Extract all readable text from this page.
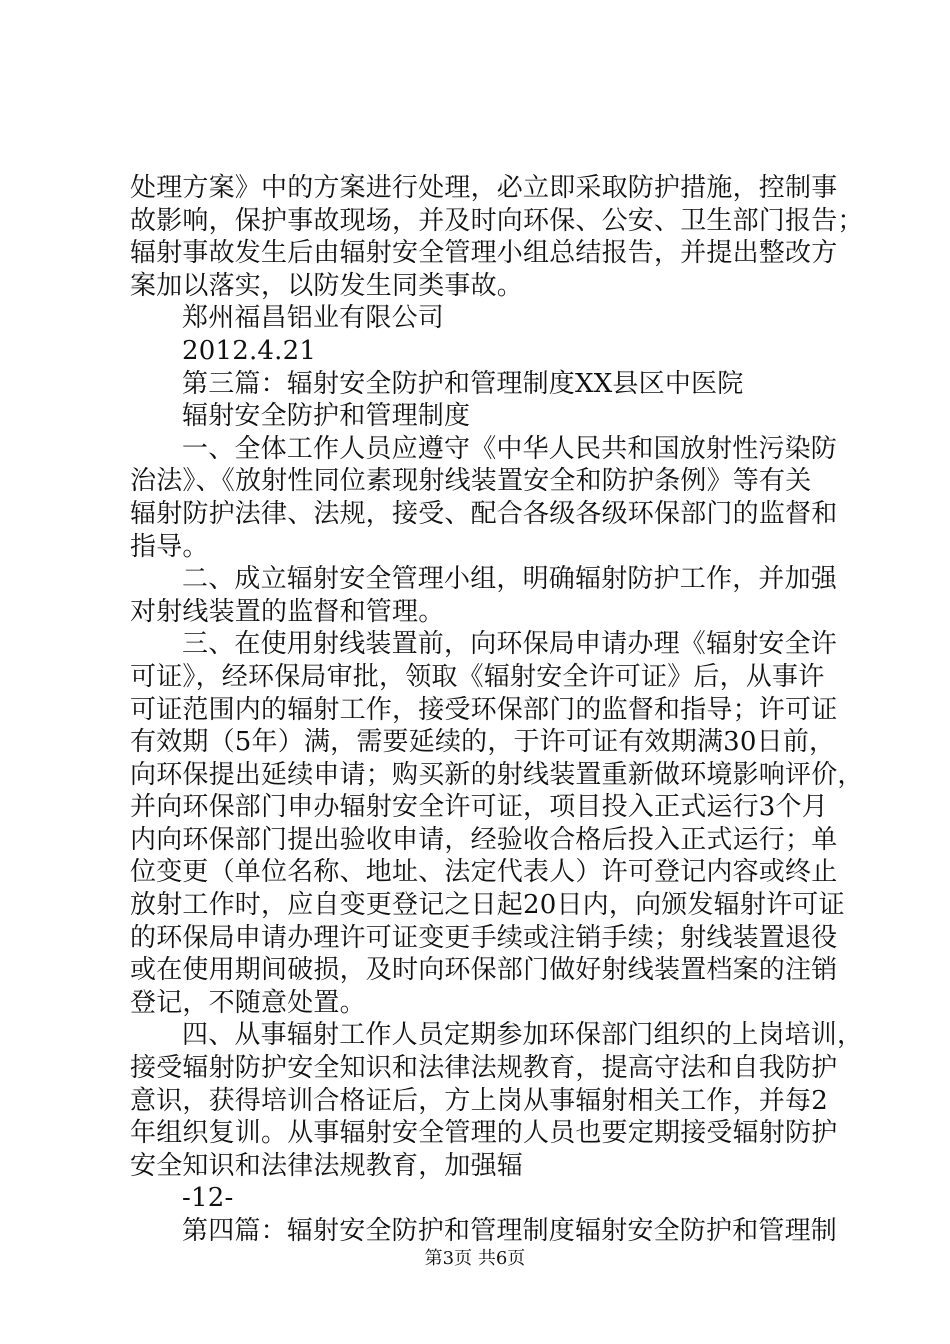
处理方案》中的方案进行处理，必立即采取防护措施，控制事
故影响，保护事故现场，并及时向环保、公安、卫生部门报告；
辐射事故发生后由辐射安全管理小组总结报告，并提出整改方
案加以落实，以防发生同类事故。
郑州福昌铝业有限公司
2012.4.21
第三篇：辐射安全防护和管理制度XX县区中医院
辐射安全防护和管理制度
一、全体工作人员应遵守《中华人民共和国放射性污染防
治法》、《放射性同位素现射线装置安全和防护条例》等有关
辐射防护法律、法规，接受、配合各级各级环保部门的监督和
指导。
二、成立辐射安全管理小组，明确辐射防护工作，并加强
对射线装置的监督和管理。
三、在使用射线装置前，向环保局申请办理《辐射安全许
可证》，经环保局审批，领取《辐射安全许可证》后，从事许
可证范围内的辐射工作，接受环保部门的监督和指导；许可证
有效期（5年）满，需要延续的，于许可证有效期满30日前，
向环保提出延续申请；购买新的射线装置重新做环境影响评价，
并向环保部门申办辐射安全许可证，项目投入正式运行3个月
内向环保部门提出验收申请，经验收合格后投入正式运行；单
位变更（单位名称、地址、法定代表人）许可登记内容或终止
放射工作时，应自变更登记之日起20日内，向颁发辐射许可证
的环保局申请办理许可证变更手续或注销手续；射线装置退役
或在使用期间破损，及时向环保部门做好射线装置档案的注销
登记，不随意处置。
四、从事辐射工作人员定期参加环保部门组织的上岗培训，
接受辐射防护安全知识和法律法规教育，提高守法和自我防护
意识，获得培训合格证后，方上岗从事辐射相关工作，并每2
年组织复训。从事辐射安全管理的人员也要定期接受辐射防护
安全知识和法律法规教育，加强辐
-12-
第四篇：辐射安全防护和管理制度辐射安全防护和管理制
第3页 共6页
